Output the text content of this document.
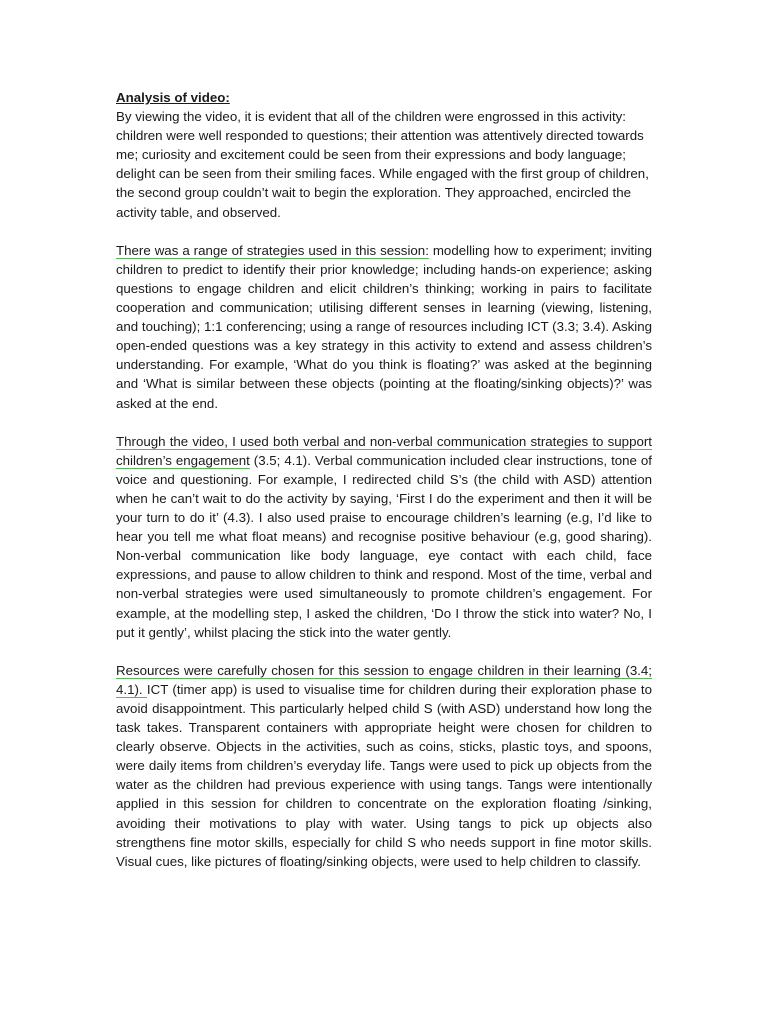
Analysis of video:

By viewing the video, it is evident that all of the children were engrossed in this activity: children were well responded to questions; their attention was attentively directed towards me; curiosity and excitement could be seen from their expressions and body language; delight can be seen from their smiling faces. While engaged with the first group of children, the second group couldn’t wait to begin the exploration. They approached, encircled the activity table, and observed.

There was a range of strategies used in this session: modelling how to experiment; inviting children to predict to identify their prior knowledge; including hands-on experience; asking questions to engage children and elicit children’s thinking; working in pairs to facilitate cooperation and communication; utilising different senses in learning (viewing, listening, and touching); 1:1 conferencing; using a range of resources including ICT (3.3; 3.4). Asking open-ended questions was a key strategy in this activity to extend and assess children’s understanding. For example, ‘What do you think is floating?’ was asked at the beginning and ‘What is similar between these objects (pointing at the floating/sinking objects)?’ was asked at the end.

Through the video, I used both verbal and non-verbal communication strategies to support children’s engagement (3.5; 4.1). Verbal communication included clear instructions, tone of voice and questioning. For example, I redirected child S’s (the child with ASD) attention when he can’t wait to do the activity by saying, ‘First I do the experiment and then it will be your turn to do it’ (4.3). I also used praise to encourage children’s learning (e.g, I’d like to hear you tell me what float means) and recognise positive behaviour (e.g, good sharing). Non-verbal communication like body language, eye contact with each child, face expressions, and pause to allow children to think and respond. Most of the time, verbal and non-verbal strategies were used simultaneously to promote children’s engagement. For example, at the modelling step, I asked the children, ‘Do I throw the stick into water? No, I put it gently’, whilst placing the stick into the water gently.

Resources were carefully chosen for this session to engage children in their learning (3.4; 4.1). ICT (timer app) is used to visualise time for children during their exploration phase to avoid disappointment. This particularly helped child S (with ASD) understand how long the task takes. Transparent containers with appropriate height were chosen for children to clearly observe. Objects in the activities, such as coins, sticks, plastic toys, and spoons, were daily items from children’s everyday life. Tangs were used to pick up objects from the water as the children had previous experience with using tangs. Tangs were intentionally applied in this session for children to concentrate on the exploration floating /sinking, avoiding their motivations to play with water. Using tangs to pick up objects also strengthens fine motor skills, especially for child S who needs support in fine motor skills. Visual cues, like pictures of floating/sinking objects, were used to help children to classify.
